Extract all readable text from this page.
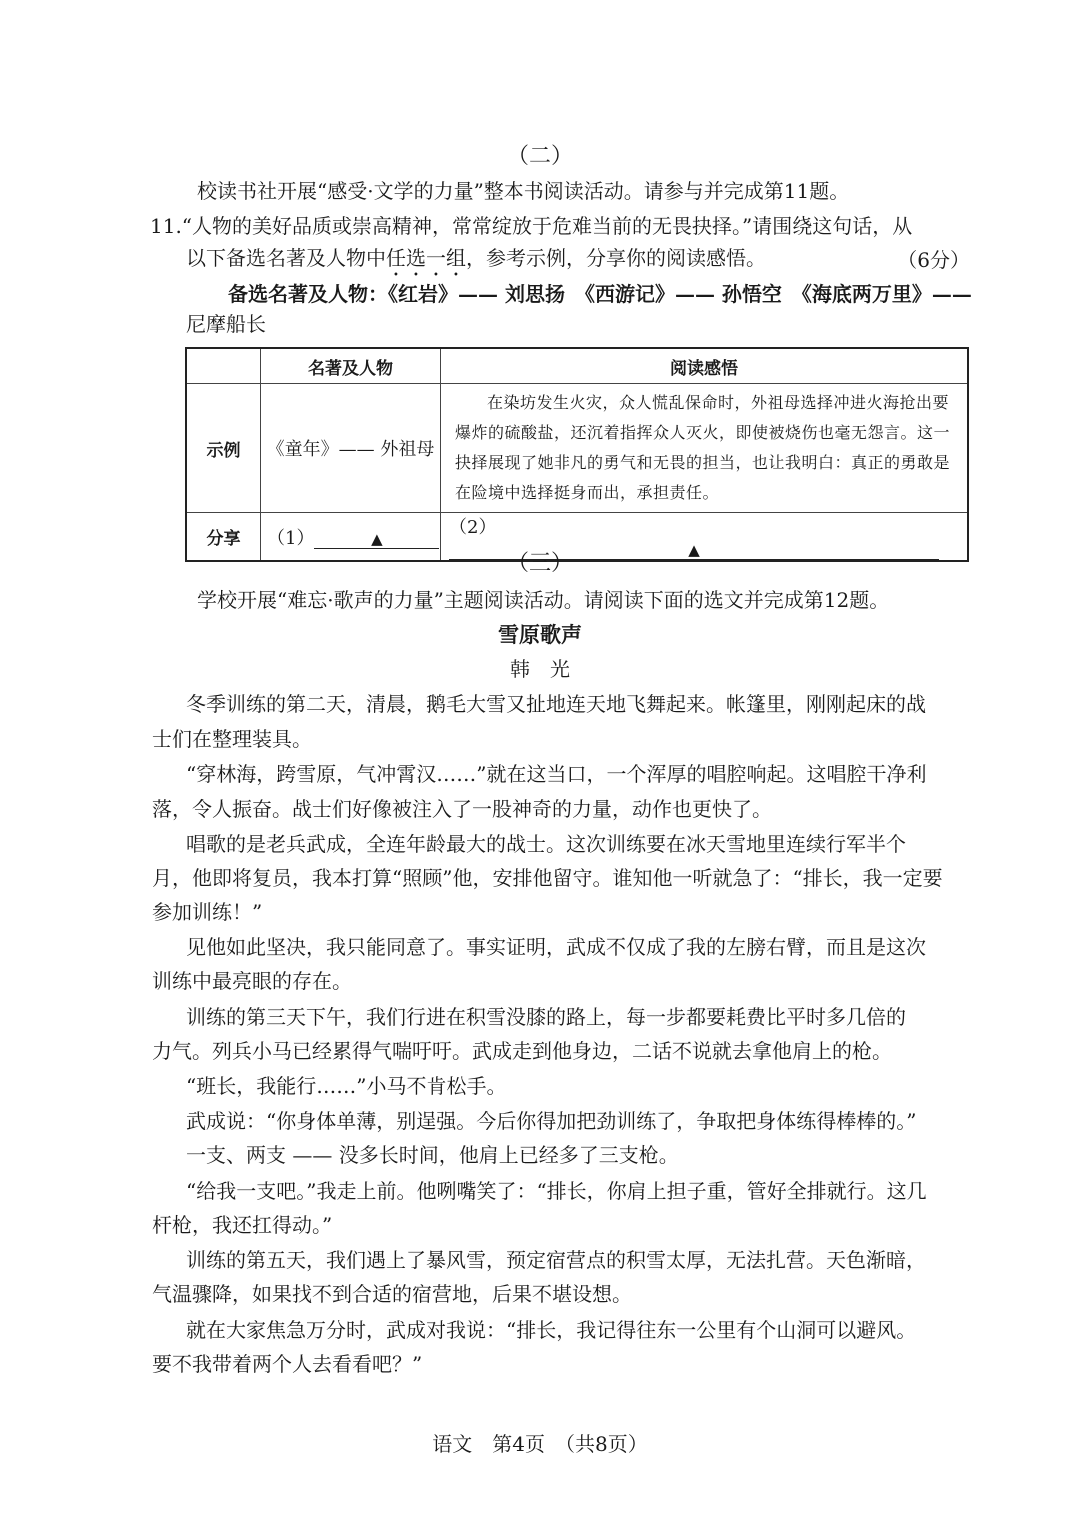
（二）
校读书社开展“感受·文学的力量”整本书阅读活动。请参与并完成第11题。
11.“人物的美好品质或崇高精神，常常绽放于危难当前的无畏抉择。”请围绕这句话，从
以下备选名著及人物中任选一组，参考示例，分享你的阅读感悟。	（6分）
备选名著及人物：《红岩》—— 刘思扬　《西游记》—— 孙悟空　《海底两万里》——
尼摩船长
	名著及人物	阅读感悟
示例	《童年》—— 外祖母	在染坊发生火灾，众人慌乱保命时，外祖母选择冲进火海抢出要爆炸的硫酸盐，还沉着指挥众人灭火，即使被烧伤也毫无怨言。这一抉择展现了她非凡的勇气和无畏的担当，也让我明白：真正的勇敢是在险境中选择挺身而出，承担责任。

分享	（1） ▲	（2）▲
（三）
学校开展“难忘·歌声的力量”主题阅读活动。请阅读下面的选文并完成第12题。
雪原歌声
韩　光
冬季训练的第二天，清晨，鹅毛大雪又扯地连天地飞舞起来。帐篷里，刚刚起床的战
士们在整理装具。
“穿林海，跨雪原，气冲霄汉……”就在这当口，一个浑厚的唱腔响起。这唱腔干净利
落，令人振奋。战士们好像被注入了一股神奇的力量，动作也更快了。
唱歌的是老兵武成，全连年龄最大的战士。这次训练要在冰天雪地里连续行军半个
月，他即将复员，我本打算“照顾”他，安排他留守。谁知他一听就急了：“排长，我一定要
参加训练！”
见他如此坚决，我只能同意了。事实证明，武成不仅成了我的左膀右臂，而且是这次
训练中最亮眼的存在。
训练的第三天下午，我们行进在积雪没膝的路上，每一步都要耗费比平时多几倍的
力气。列兵小马已经累得气喘吁吁。武成走到他身边，二话不说就去拿他肩上的枪。
“班长，我能行……”小马不肯松手。
武成说：“你身体单薄，别逞强。今后你得加把劲训练了，争取把身体练得棒棒的。”
一支、两支 —— 没多长时间，他肩上已经多了三支枪。
“给我一支吧。”我走上前。他咧嘴笑了：“排长，你肩上担子重，管好全排就行。这几
杆枪，我还扛得动。”
训练的第五天，我们遇上了暴风雪，预定宿营点的积雪太厚，无法扎营。天色渐暗，
气温骤降，如果找不到合适的宿营地，后果不堪设想。
就在大家焦急万分时，武成对我说：“排长，我记得往东一公里有个山洞可以避风。
要不我带着两个人去看看吧？”
语文　第4页　（共8页）
